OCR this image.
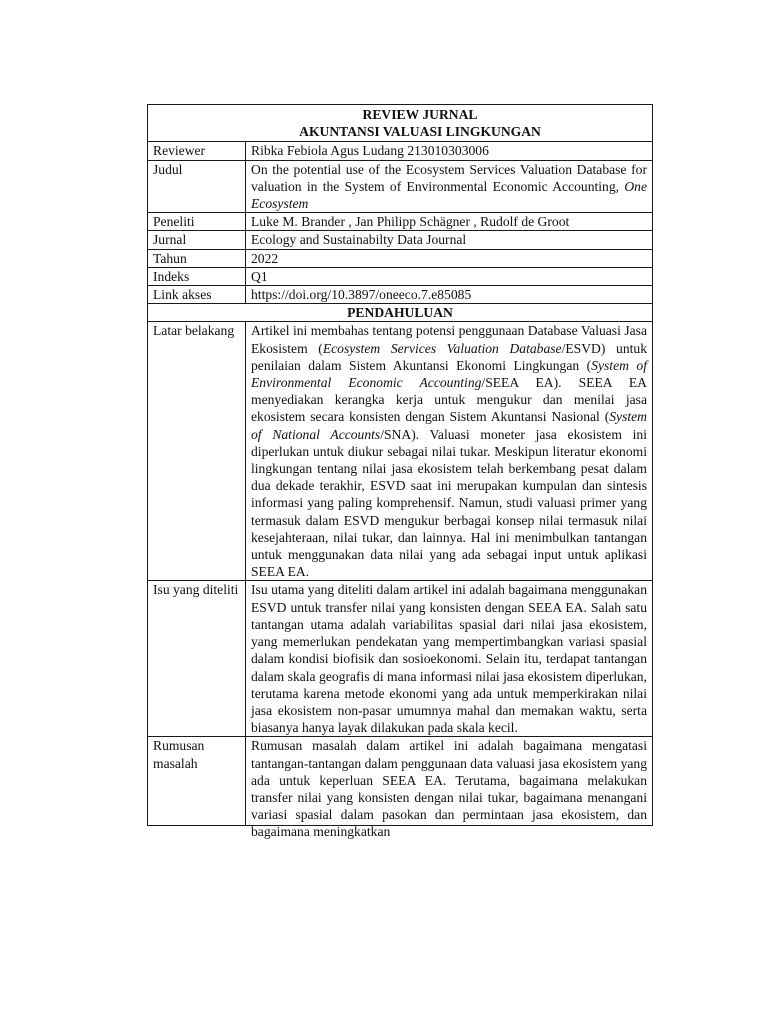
REVIEW JURNAL
AKUNTANSI VALUASI LINGKUNGAN	

Reviewer	Ribka Febiola Agus Ludang 213010303006
Judul	On the potential use of the Ecosystem Services Valuation Database for valuation in the System of Environmental Economic Accounting, One Ecosystem
Peneliti	Luke M. Brander , Jan Philipp Schägner , Rudolf de Groot
Jurnal	Ecology and Sustainabilty Data Journal
Tahun	2022
Indeks	Q1
Link akses	https://doi.org/10.3897/oneeco.7.e85085
PENDAHULUAN	
Latar belakang	Artikel ini membahas tentang potensi penggunaan Database Valuasi Jasa Ekosistem (Ecosystem Services Valuation Database/ESVD) untuk penilaian dalam Sistem Akuntansi Ekonomi Lingkungan (System of Environmental Economic Accounting/SEEA EA). SEEA EA menyediakan kerangka kerja untuk mengukur dan menilai jasa ekosistem secara konsisten dengan Sistem Akuntansi Nasional (System of National Accounts/SNA). Valuasi moneter jasa ekosistem ini diperlukan untuk diukur sebagai nilai tukar. Meskipun literatur ekonomi lingkungan tentang nilai jasa ekosistem telah berkembang pesat dalam dua dekade terakhir, ESVD saat ini merupakan kumpulan dan sintesis informasi yang paling komprehensif. Namun, studi valuasi primer yang termasuk dalam ESVD mengukur berbagai konsep nilai termasuk nilai kesejahteraan, nilai tukar, dan lainnya. Hal ini menimbulkan tantangan untuk menggunakan data nilai yang ada sebagai input untuk aplikasi SEEA EA.
Isu yang diteliti	Isu utama yang diteliti dalam artikel ini adalah bagaimana menggunakan ESVD untuk transfer nilai yang konsisten dengan SEEA EA. Salah satu tantangan utama adalah variabilitas spasial dari nilai jasa ekosistem, yang memerlukan pendekatan yang mempertimbangkan variasi spasial dalam kondisi biofisik dan sosioekonomi. Selain itu, terdapat tantangan dalam skala geografis di mana informasi nilai jasa ekosistem diperlukan, terutama karena metode ekonomi yang ada untuk memperkirakan nilai jasa ekosistem non-pasar umumnya mahal dan memakan waktu, serta biasanya hanya layak dilakukan pada skala kecil.
Rumusan masalah	Rumusan masalah dalam artikel ini adalah bagaimana mengatasi tantangan-tantangan dalam penggunaan data valuasi jasa ekosistem yang ada untuk keperluan SEEA EA. Terutama, bagaimana melakukan transfer nilai yang konsisten dengan nilai tukar, bagaimana menangani variasi spasial dalam pasokan dan permintaan jasa ekosistem, dan bagaimana meningkatkan
